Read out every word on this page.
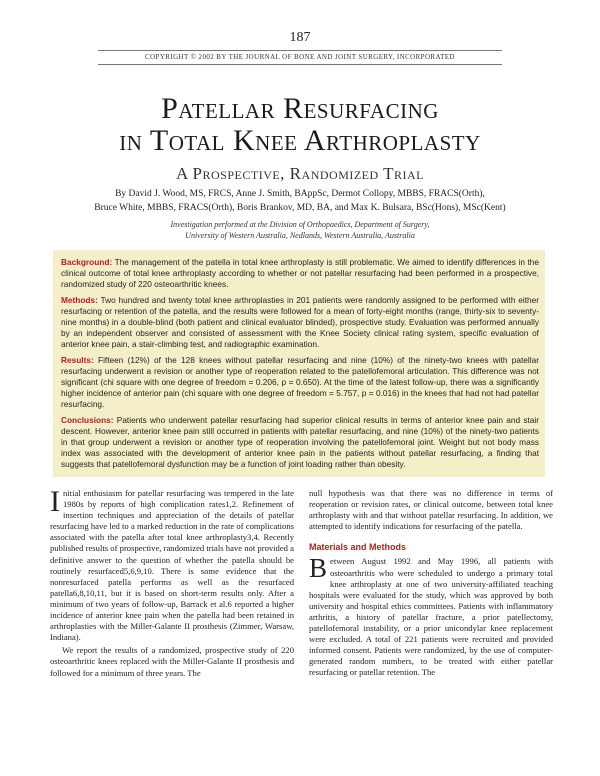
187
COPYRIGHT © 2002 BY THE JOURNAL OF BONE AND JOINT SURGERY, INCORPORATED
Patellar Resurfacing
in Total Knee Arthroplasty
A Prospective, Randomized Trial
By David J. Wood, MS, FRCS, Anne J. Smith, BAppSc, Dermot Collopy, MBBS, FRACS(Orth),
Bruce White, MBBS, FRACS(Orth), Boris Brankov, MD, BA, and Max K. Bulsara, BSc(Hons), MSc(Kent)
Investigation performed at the Division of Orthopaedics, Department of Surgery,
University of Western Australia, Nedlands, Western Australia, Australia

Background: The management of the patella in total knee arthroplasty is still problematic. We aimed to identify differences in the clinical outcome of total knee arthroplasty according to whether or not patellar resurfacing had been performed in a prospective, randomized study of 220 osteoarthritic knees.

Methods: Two hundred and twenty total knee arthroplasties in 201 patients were randomly assigned to be performed with either resurfacing or retention of the patella, and the results were followed for a mean of forty-eight months (range, thirty-six to seventy-nine months) in a double-blind (both patient and clinical evaluator blinded), prospective study. Evaluation was performed annually by an independent observer and consisted of assessment with the Knee Society clinical rating system, specific evaluation of anterior knee pain, a stair-climbing test, and radiographic examination.

Results: Fifteen (12%) of the 128 knees without patellar resurfacing and nine (10%) of the ninety-two knees with patellar resurfacing underwent a revision or another type of reoperation related to the patellofemoral articulation. This difference was not significant (chi square with one degree of freedom = 0.206, p = 0.650). At the time of the latest follow-up, there was a significantly higher incidence of anterior pain (chi square with one degree of freedom = 5.757, p = 0.016) in the knees that had not had patellar resurfacing.

Conclusions: Patients who underwent patellar resurfacing had superior clinical results in terms of anterior knee pain and stair descent. However, anterior knee pain still occurred in patients with patellar resurfacing, and nine (10%) of the ninety-two patients in that group underwent a revision or another type of reoperation involving the patellofemoral joint. Weight but not body mass index was associated with the development of anterior knee pain in the patients without patellar resurfacing, a finding that suggests that patellofemoral dysfunction may be a function of joint loading rather than obesity.

Initial enthusiasm for patellar resurfacing was tempered in the late 1980s by reports of high complication rates1,2. Refinement of insertion techniques and appreciation of the details of patellar resurfacing have led to a marked reduction in the rate of complications associated with the patella after total knee arthroplasty3,4. Recently published results of prospective, randomized trials have not provided a definitive answer to the question of whether the patella should be routinely resurfaced5,6,9,10. There is some evidence that the nonresurfaced patella performs as well as the resurfaced patella6,8,10,11, but it is based on short-term results only. After a minimum of two years of follow-up, Barrack et al.6 reported a higher incidence of anterior knee pain when the patella had been retained in arthroplasties with the Miller-Galante II prosthesis (Zimmer, Warsaw, Indiana).

We report the results of a randomized, prospective study of 220 osteoarthritic knees replaced with the Miller-Galante II prosthesis and followed for a minimum of three years. The

null hypothesis was that there was no difference in terms of reoperation or revision rates, or clinical outcome, between total knee arthroplasty with and that without patellar resurfacing. In addition, we attempted to identify indications for resurfacing of the patella.

Materials and Methods

Between August 1992 and May 1996, all patients with osteoarthritis who were scheduled to undergo a primary total knee arthroplasty at one of two university-affiliated teaching hospitals were evaluated for the study, which was approved by both university and hospital ethics committees. Patients with inflammatory arthritis, a history of patellar fracture, a prior patellectomy, patellofemoral instability, or a prior unicondylar knee replacement were excluded. A total of 221 patients were recruited and provided informed consent. Patients were randomized, by the use of computer-generated random numbers, to be treated with either patellar resurfacing or patellar retention. The
